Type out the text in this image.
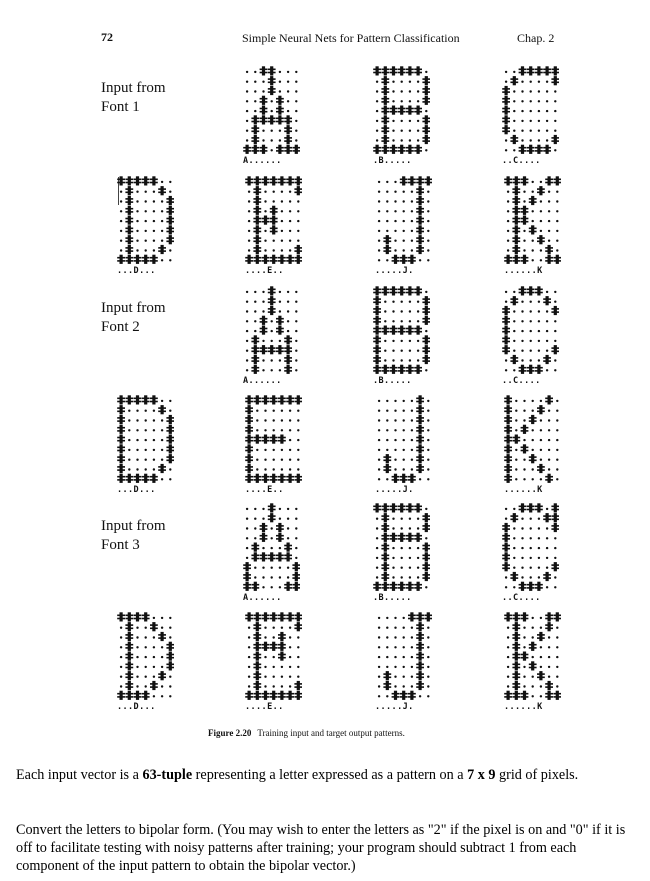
72	Simple Neural Nets for Pattern Classification	Chap. 2
Input from
Font 1
Input from
Font 2
Input from
Font 3
A......	.B.....	..C....
...D...	....E..	.....J.	......K
A......	.B.....	..C....
...D...	....E..	.....J.	......K
A......	.B.....	..C....
...D...	....E..	.....J.	......K
Figure 2.20 Training input and target output patterns.
Each input vector is a 63-tuple representing a letter expressed as a pattern on a 7 x 9 grid of pixels.
Convert the letters to bipolar form. (You may wish to enter the letters as "2" if the pixel is on and "0" if it is off to facilitate testing with noisy patterns after training; your program should subtract 1 from each component of the input pattern to obtain the bipolar vector.)
